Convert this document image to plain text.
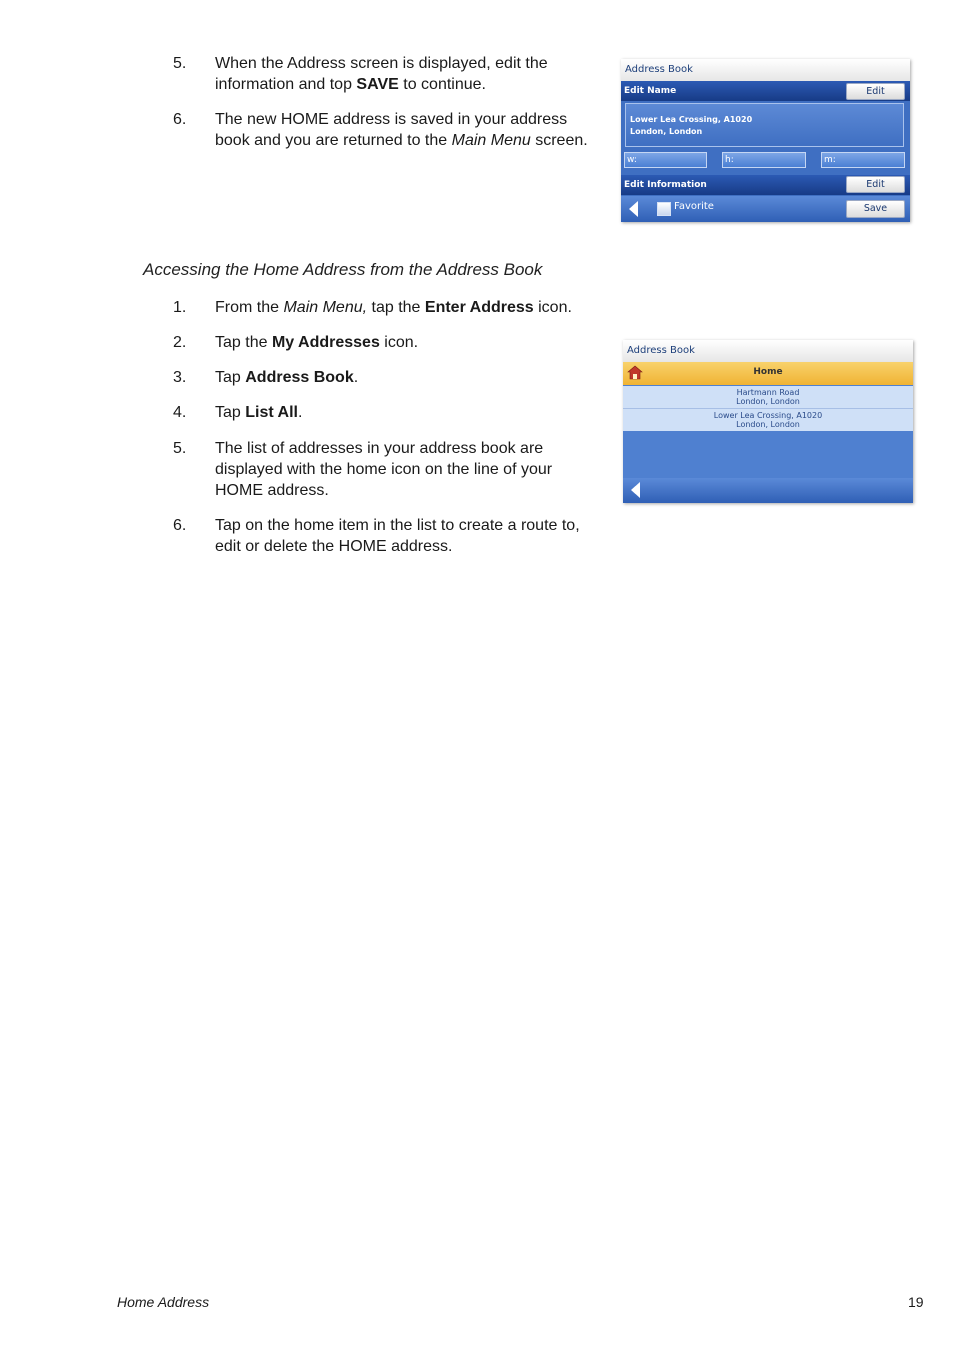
5.	When the Address screen is displayed, edit the information and top SAVE to continue.
6.	The new HOME address is saved in your address book and you are returned to the Main Menu screen.
Accessing the Home Address from the Address Book
1.	From the Main Menu, tap the Enter Address icon.
2.	Tap the My Addresses icon.
3.	Tap Address Book.
4.	Tap List All.
5.	The list of addresses in your address book are displayed with the home icon on the line of your HOME address.
6.	Tap on the home item in the list to create a route to, edit or delete the HOME address.
Address Book
Edit Name	Edit
Lower Lea Crossing, A1020
London, London
w:	h:	m:
Edit Information	Edit
Favorite	Save
Address Book
Home
Hartmann Road
London, London
Lower Lea Crossing, A1020
London, London
Home Address	19
